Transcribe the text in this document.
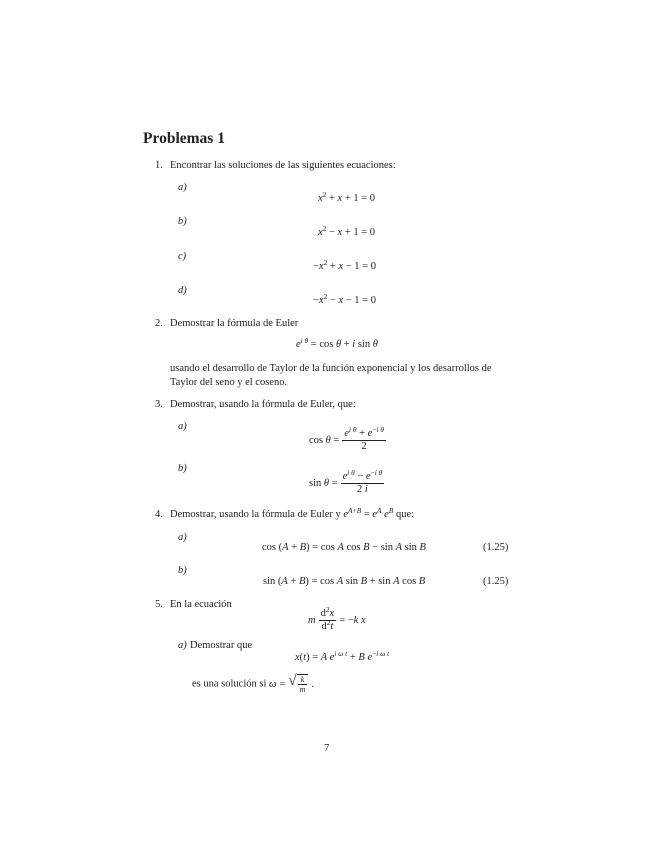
Problemas 1
1. Encontrar las soluciones de las siguientes ecuaciones:
a)
$x^2 + x + 1 = 0$
b)
$x^2 - x + 1 = 0$
c)
$-x^2 + x - 1 = 0$
d)
$-x^2 - x - 1 = 0$
2. Demostrar la fórmula de Euler
$e^{i \theta} = \cos \theta + i$ sin θ
usando el desarrollo de Taylor de la función exponencial y los desarrollos de
Taylor del seno y el coseno.
3. Demostrar, usando la fórmula de Euler, que:
a)
$\cos \theta = \frac{e^{i \theta} + e^{-i \theta}}{2}$
b)
$\sin \theta = \frac{e^{i \theta} - e^{-i \theta}}{2 i}$
4. Demostrar, usando la fórmula de Euler y $e^{A+B} = e^A$ $e^B$ que:
a)
cos (A + B) = cos A cos B − sin A sin B	(1.25)
b)
sin (A + B) = cos A sin B + sin A cos B	(1.25)
5. En la ecuación
m $\frac{d^2x}{d^2t} = -k$ x
a) Demostrar que
x(t) = A $e^{i \omega t} + B$ $e^{-i \omega t}$
es una solución si ω = √ $\frac{k}{m}$ .
7
